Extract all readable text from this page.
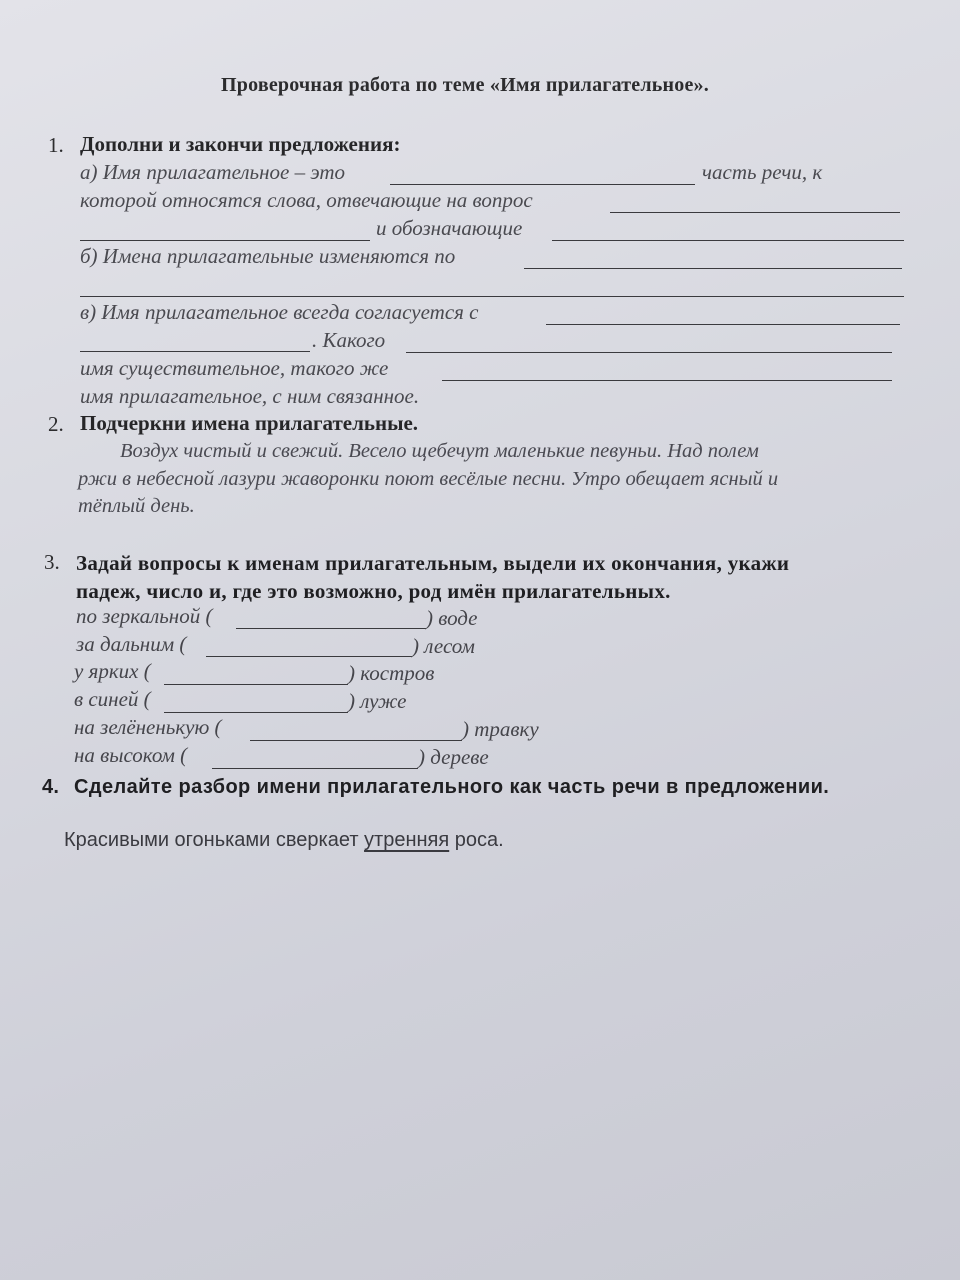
Проверочная работа по теме «Имя прилагательное».
1. Дополни и закончи предложения:
а) Имя прилагательное – это	часть речи, к
которой относятся слова, отвечающие на вопрос
и обозначающие
б) Имена прилагательные изменяются по
в) Имя прилагательное всегда согласуется с
. Какого
имя существительное, такого же
имя прилагательное, с ним связанное.
2. Подчеркни имена прилагательные.
Воздух чистый и свежий. Весело щебечут маленькие певуньи. Над полем
ржи в небесной лазури жаворонки поют весёлые песни. Утро обещает ясный и
тёплый день.
3. Задай вопросы к именам прилагательным, выдели их окончания, укажи
падеж, число и, где это возможно, род имён прилагательных.
по зеркальной (	) воде
за дальним (	) лесом
у ярких (	) костров
в синей (	) луже
на зелёненькую (	) травку
на высоком (	) дереве
4. Сделайте разбор имени прилагательного как часть речи в предложении.
Красивыми огоньками сверкает утренняя роса.
